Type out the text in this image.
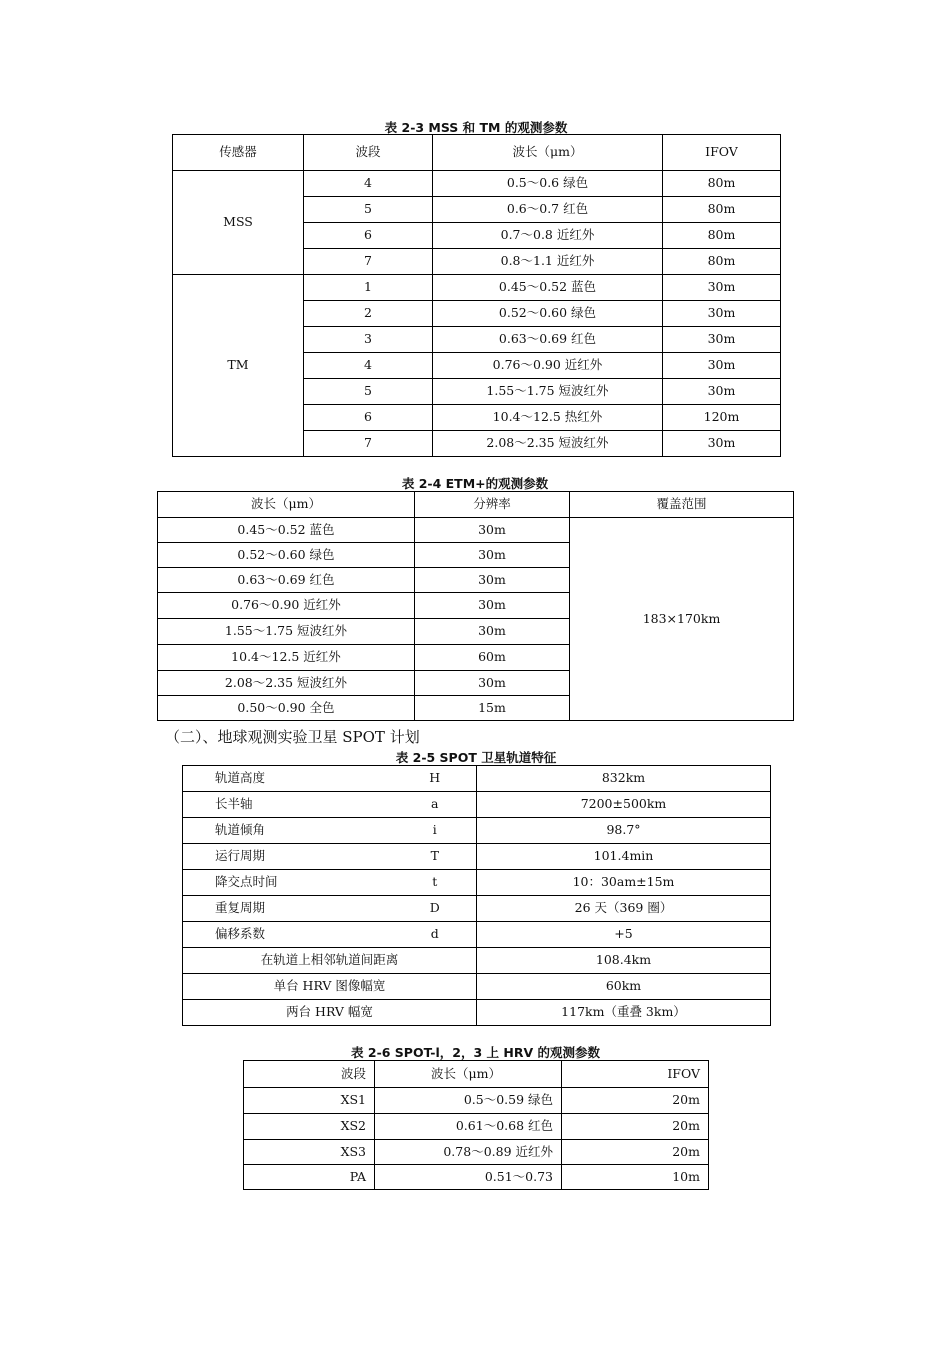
表 2-3 MSS 和 TM 的观测参数
传感器	波段	波长（μm）	IFOV
MSS	4	0.5～0.6 绿色	80m
	5	0.6～0.7 红色	80m
	6	0.7～0.8 近红外	80m
	7	0.8～1.1 近红外	80m
TM	1	0.45～0.52 蓝色	30m
	2	0.52～0.60 绿色	30m
	3	0.63～0.69 红色	30m
	4	0.76～0.90 近红外	30m
	5	1.55～1.75 短波红外	30m
	6	10.4～12.5 热红外	120m
	7	2.08～2.35 短波红外	30m
表 2-4 ETM+的观测参数
波长（μm）	分辨率	覆盖范围
0.45～0.52 蓝色	30m	183×170km
0.52～0.60 绿色	30m	
0.63～0.69 红色	30m	
0.76～0.90 近红外	30m	
1.55～1.75 短波红外	30m	
10.4～12.5 近红外	60m	
2.08～2.35 短波红外	30m	
0.50～0.90 全色	15m	
（二）、地球观测实验卫星 SPOT 计划
表 2-5 SPOT 卫星轨道特征
轨道高度	H	832km
长半轴	a	7200±500km
轨道倾角	i	98.7°
运行周期	T	101.4min
降交点时间	t	10：30am±15m
重复周期	D	26 天（369 圈）
偏移系数	d	+5
在轨道上相邻轨道间距离		108.4km
单台 HRV 图像幅宽		60km
两台 HRV 幅宽		117km（重叠 3km）
表 2-6 SPOT-l，2，3 上 HRV 的观测参数
波段	波长（μm）	IFOV
XS1	0.5～0.59 绿色	20m
XS2	0.61～0.68 红色	20m
XS3	0.78～0.89 近红外	20m
PA	0.51～0.73	10m
